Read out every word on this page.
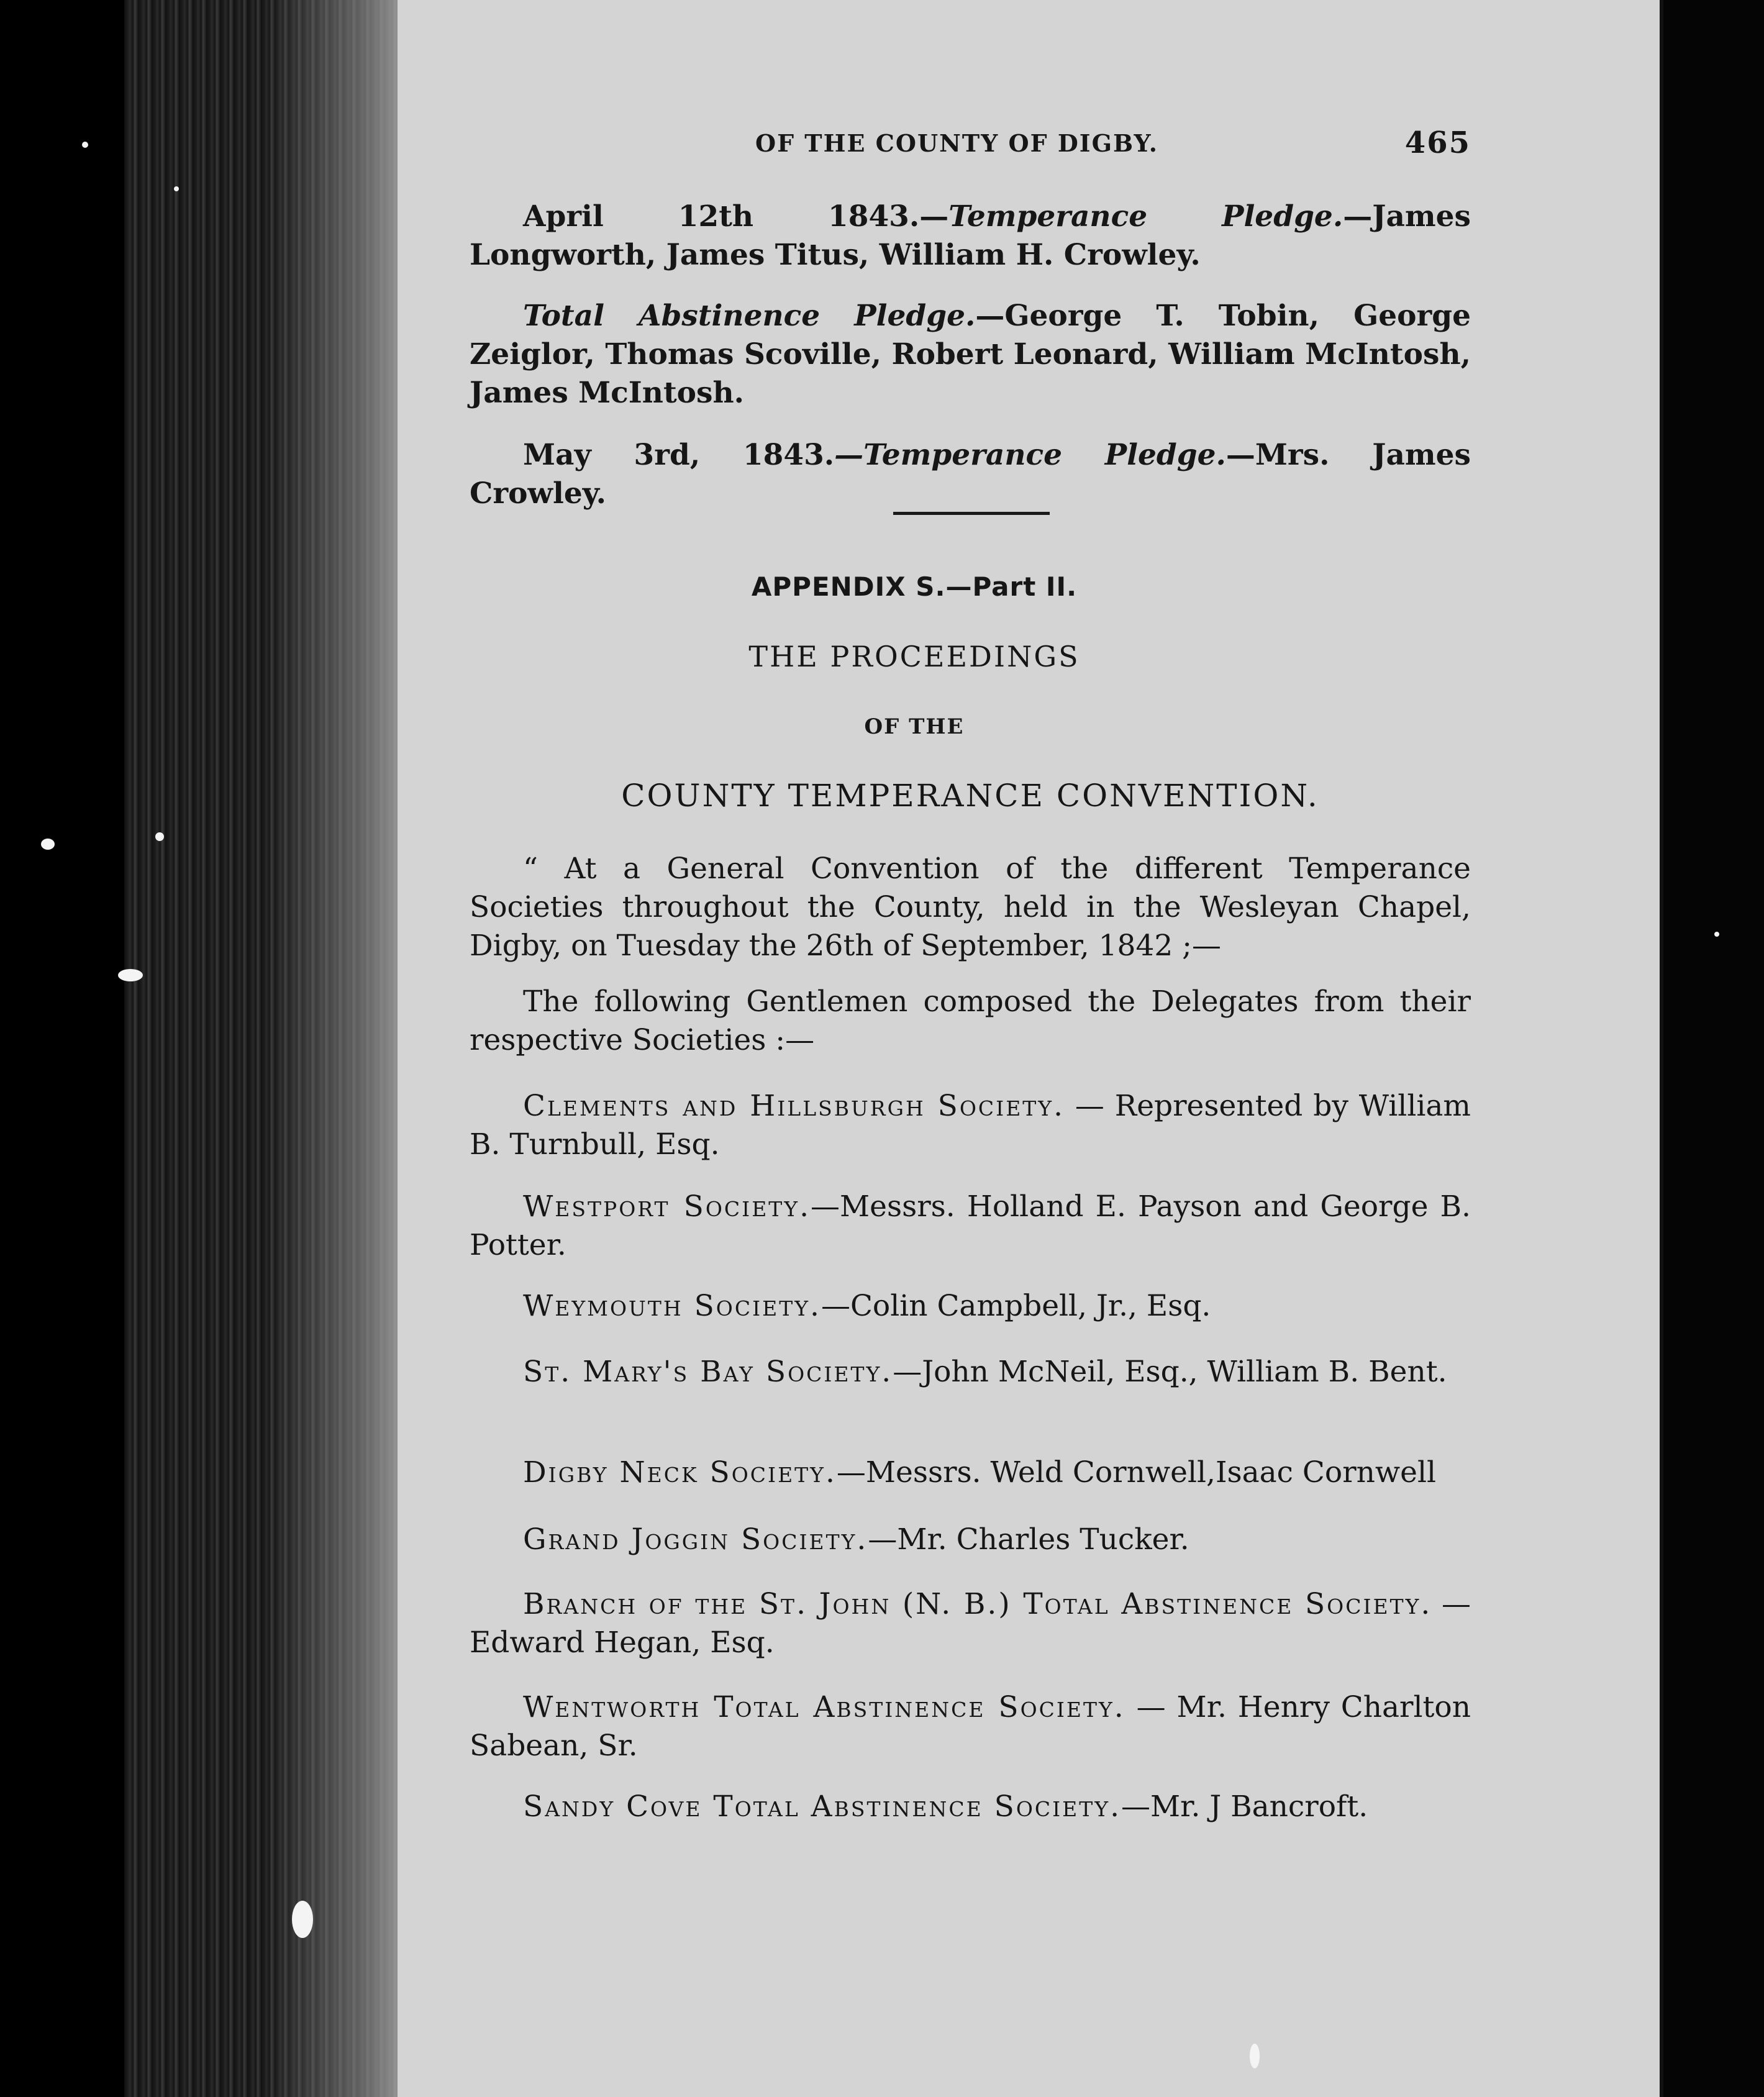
OF THE COUNTY OF DIGBY.	465
April 12th 1843.—Temperance Pledge.—James Longworth, James Titus, William H. Crowley.
Total Abstinence Pledge.—George T. Tobin, George Zeiglor, Thomas Scoville, Robert Leonard, William McIntosh, James McIntosh.
May 3rd, 1843.—Temperance Pledge.—Mrs. James Crowley.
APPENDIX S.—Part II.
THE PROCEEDINGS
OF THE
COUNTY TEMPERANCE CONVENTION.
“ At a General Convention of the different Temperance Societies throughout the County, held in the Wesleyan Chapel, Digby, on Tuesday the 26th of September, 1842 ;—
The following Gentlemen composed the Delegates from their respective Societies :—
Clements and Hillsburgh Society. — Represented by William B. Turnbull, Esq.
Westport Society.—Messrs. Holland E. Payson and George B. Potter.
Weymouth Society.—Colin Campbell, Jr., Esq.
St. Mary's Bay Society.—John McNeil, Esq., William B. Bent.
Digby Neck Society.—Messrs. Weld Cornwell,Isaac Cornwell
Grand Joggin Society.—Mr. Charles Tucker.
Branch of the St. John (N. B.) Total Abstinence Society. —Edward Hegan, Esq.
Wentworth Total Abstinence Society. — Mr. Henry Charlton Sabean, Sr.
Sandy Cove Total Abstinence Society.—Mr. J Bancroft.
